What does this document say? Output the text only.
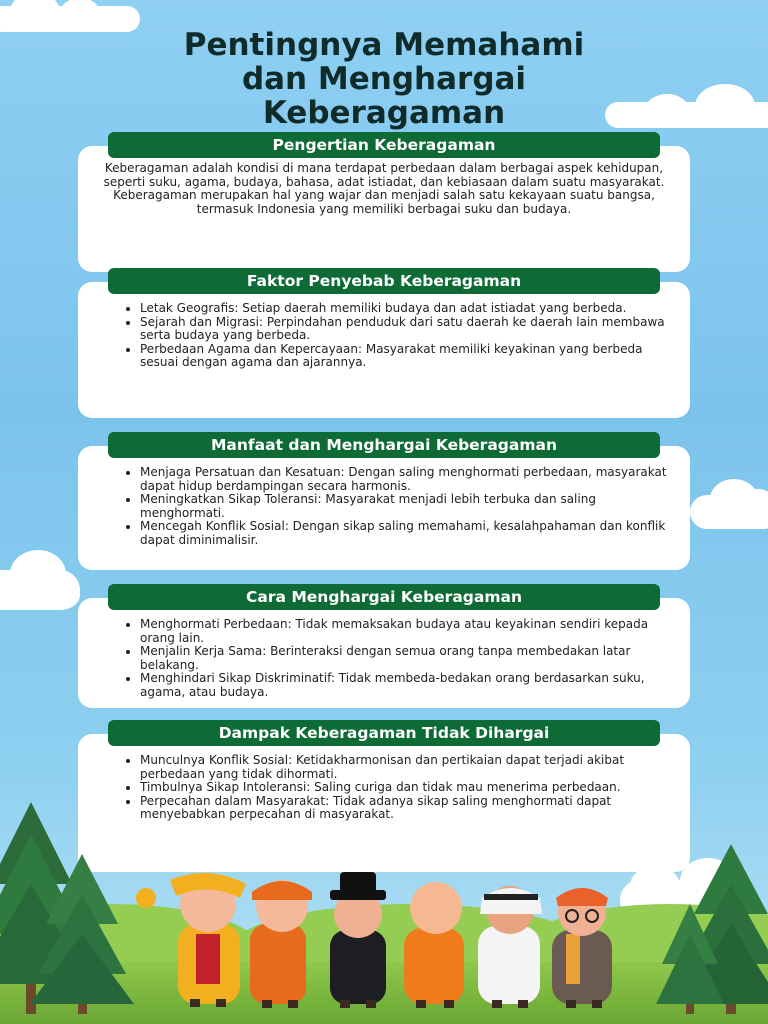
Pentingnya Memahami
dan Menghargai
Keberagaman
Pengertian Keberagaman

Keberagaman adalah kondisi di mana terdapat perbedaan dalam berbagai aspek kehidupan, seperti suku, agama, budaya, bahasa, adat istiadat, dan kebiasaan dalam suatu masyarakat. Keberagaman merupakan hal yang wajar dan menjadi salah satu kekayaan suatu bangsa, termasuk Indonesia yang memiliki berbagai suku dan budaya.

Faktor Penyebab Keberagaman
• Letak Geografis: Setiap daerah memiliki budaya dan adat istiadat yang berbeda.
• Sejarah dan Migrasi: Perpindahan penduduk dari satu daerah ke daerah lain membawa serta budaya yang berbeda.
• Perbedaan Agama dan Kepercayaan: Masyarakat memiliki keyakinan yang berbeda sesuai dengan agama dan ajarannya.
Manfaat dan Menghargai Keberagaman
• Menjaga Persatuan dan Kesatuan: Dengan saling menghormati perbedaan, masyarakat dapat hidup berdampingan secara harmonis.
• Meningkatkan Sikap Toleransi: Masyarakat menjadi lebih terbuka dan saling menghormati.
• Mencegah Konflik Sosial: Dengan sikap saling memahami, kesalahpahaman dan konflik dapat diminimalisir.
Cara Menghargai Keberagaman
• Menghormati Perbedaan: Tidak memaksakan budaya atau keyakinan sendiri kepada orang lain.
• Menjalin Kerja Sama: Berinteraksi dengan semua orang tanpa membedakan latar belakang.
• Menghindari Sikap Diskriminatif: Tidak membeda-bedakan orang berdasarkan suku, agama, atau budaya.
Dampak Keberagaman Tidak Dihargai
• Munculnya Konflik Sosial: Ketidakharmonisan dan pertikaian dapat terjadi akibat perbedaan yang tidak dihormati.
• Timbulnya Sikap Intoleransi: Saling curiga dan tidak mau menerima perbedaan.
• Perpecahan dalam Masyarakat: Tidak adanya sikap saling menghormati dapat menyebabkan perpecahan di masyarakat.
